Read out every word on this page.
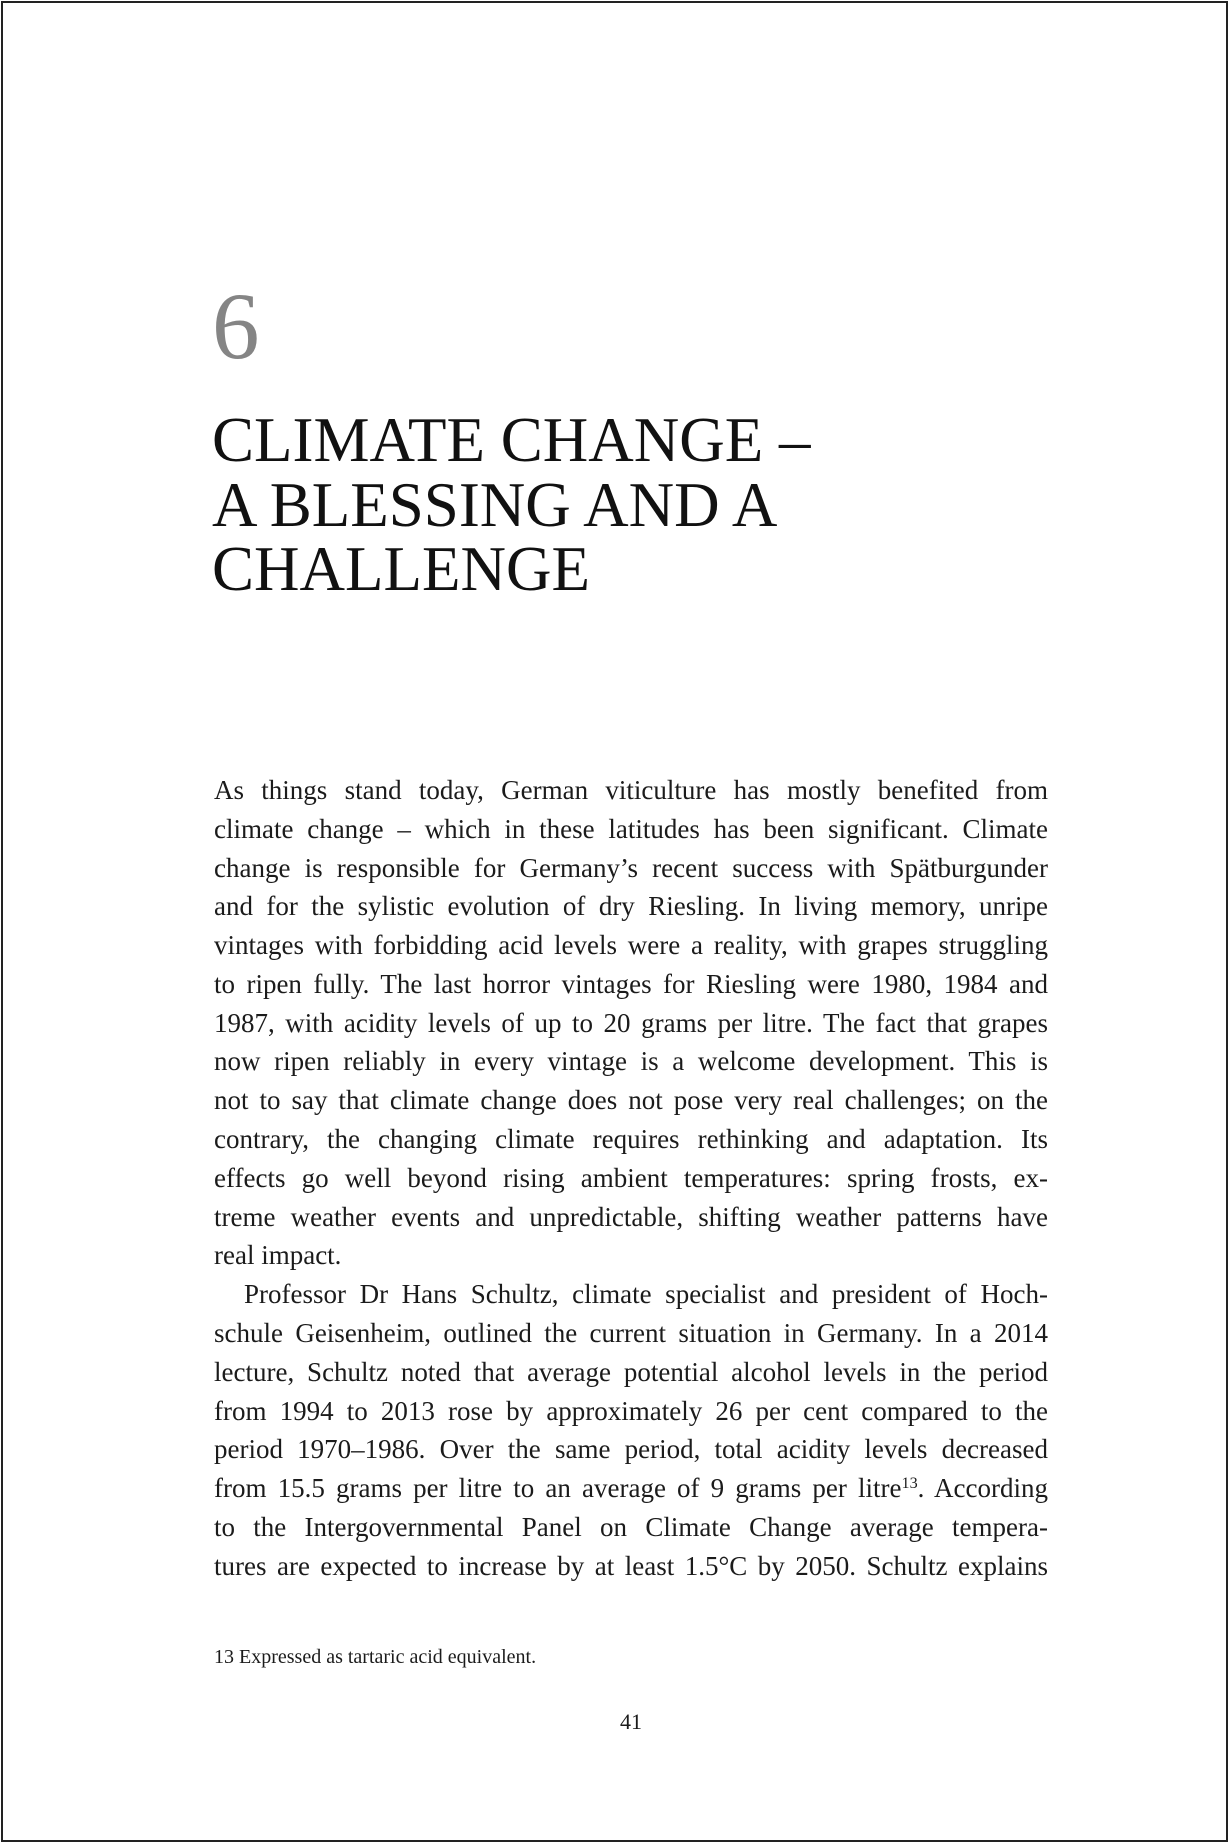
6
CLIMATE CHANGE –
A BLESSING AND A
CHALLENGE
As things stand today, German viticulture has mostly benefited from
climate change – which in these latitudes has been significant. Climate
change is responsible for Germany’s recent success with Spätburgunder
and for the sylistic evolution of dry Riesling. In living memory, unripe
vintages with forbidding acid levels were a reality, with grapes struggling
to ripen fully. The last horror vintages for Riesling were 1980, 1984 and
1987, with acidity levels of up to 20 grams per litre. The fact that grapes
now ripen reliably in every vintage is a welcome development. This is
not to say that climate change does not pose very real challenges; on the
contrary, the changing climate requires rethinking and adaptation. Its
effects go well beyond rising ambient temperatures: spring frosts, ex-
treme weather events and unpredictable, shifting weather patterns have
real impact.
Professor Dr Hans Schultz, climate specialist and president of Hoch-
schule Geisenheim, outlined the current situation in Germany. In a 2014
lecture, Schultz noted that average potential alcohol levels in the period
from 1994 to 2013 rose by approximately 26 per cent compared to the
period 1970–1986. Over the same period, total acidity levels decreased
from 15.5 grams per litre to an average of 9 grams per litre$^{13}$. According
to the Intergovernmental Panel on Climate Change average tempera-
tures are expected to increase by at least 1.5°C by 2050. Schultz explains
13 Expressed as tartaric acid equivalent.
41
